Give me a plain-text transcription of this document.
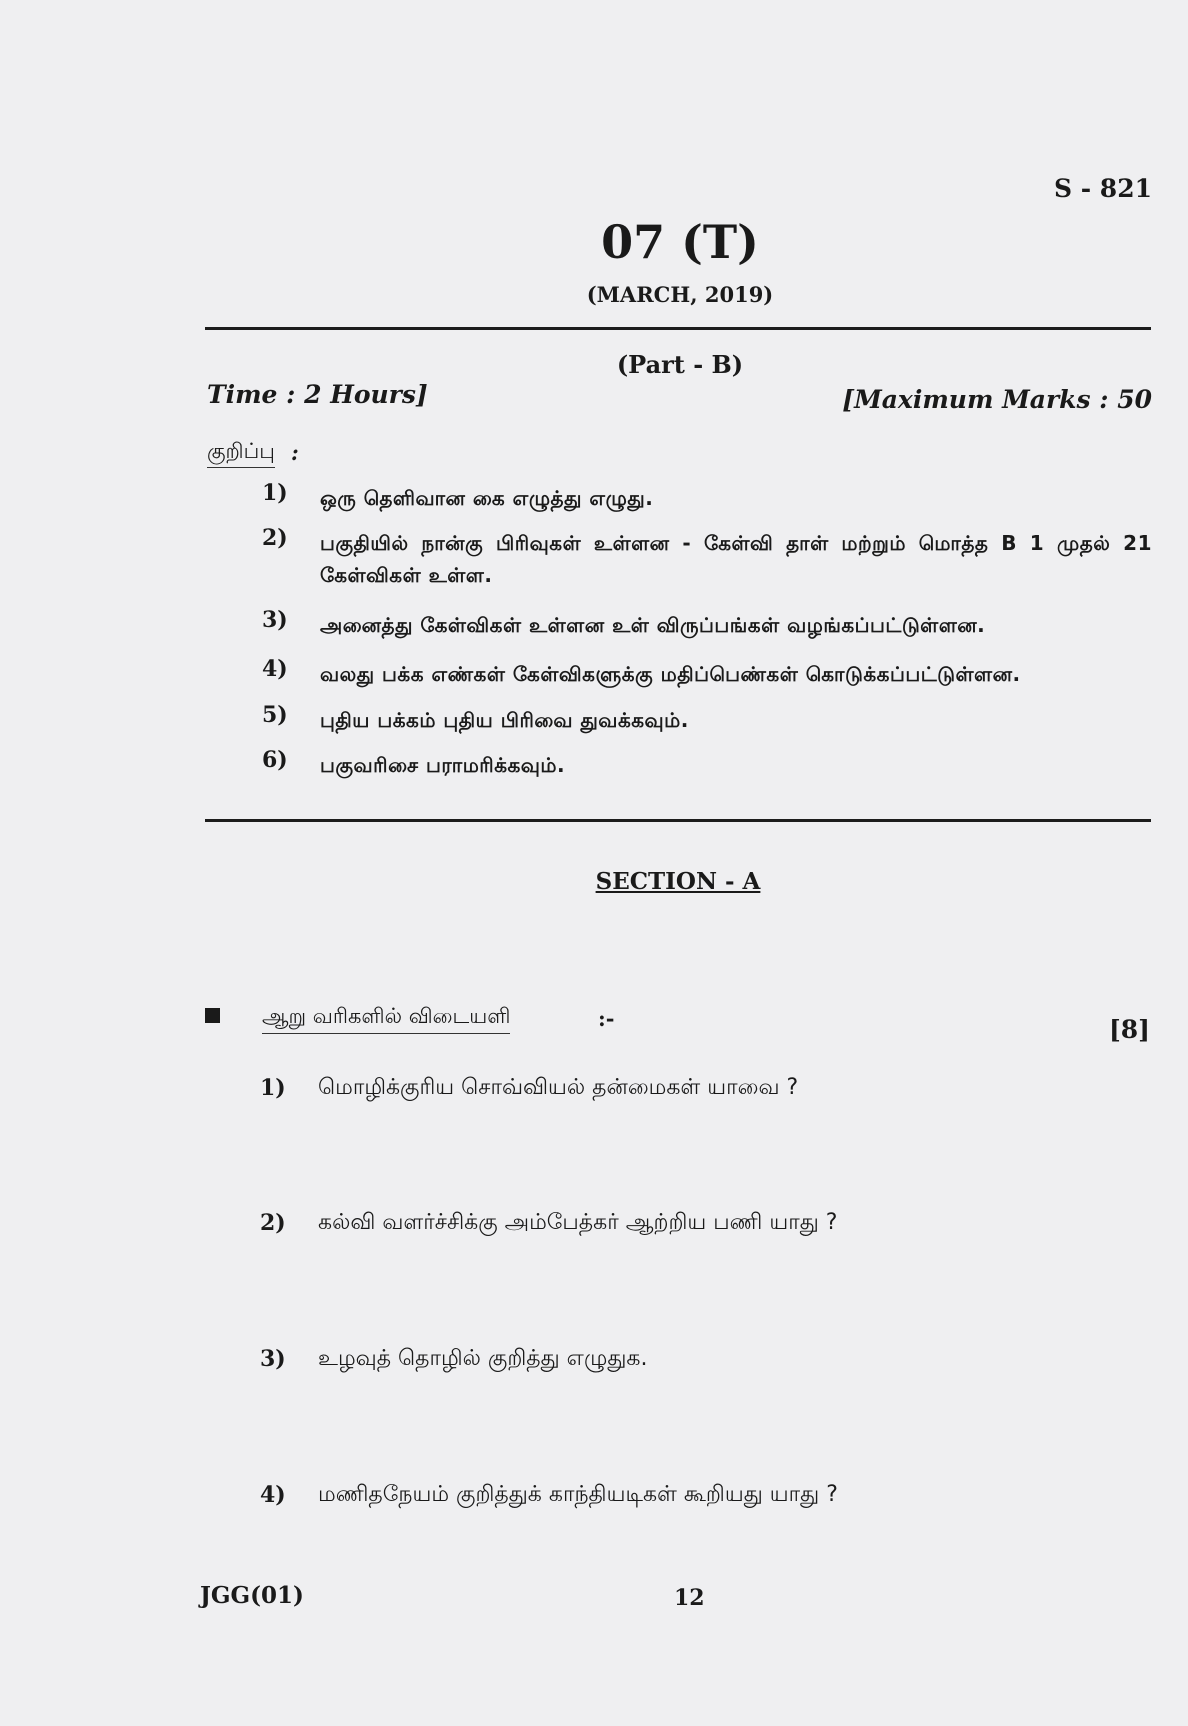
S - 821
07 (T)
(MARCH, 2019)
(Part - B)
Time : 2 Hours]	[Maximum Marks : 50
குறிப்பு :
1) ஒரு தெளிவான கை எழுத்து எழுது.
2) பகுதியில் நான்கு பிரிவுகள் உள்ளன - கேள்வி தாள் மற்றும் மொத்த B 1 முதல் 21 கேள்விகள் உள்ள.
3) அனைத்து கேள்விகள் உள்ளன உள் விருப்பங்கள் வழங்கப்பட்டுள்ளன.
4) வலது பக்க எண்கள் கேள்விகளுக்கு மதிப்பெண்கள் கொடுக்கப்பட்டுள்ளன.
5) புதிய பக்கம் புதிய பிரிவை துவக்கவும்.
6) பகுவரிசை பராமரிக்கவும்.
SECTION - A
ஆறு வரிகளில் விடையளி	:-	[8]
1) மொழிக்குரிய சொவ்வியல் தன்மைகள் யாவை ?
2) கல்வி வளர்ச்சிக்கு அம்பேத்கர் ஆற்றிய பணி யாது ?
3) உழவுத் தொழில் குறித்து எழுதுக.
4) மணிதநேயம் குறித்துக் காந்தியடிகள் கூறியது யாது ?
JGG(01)	12
